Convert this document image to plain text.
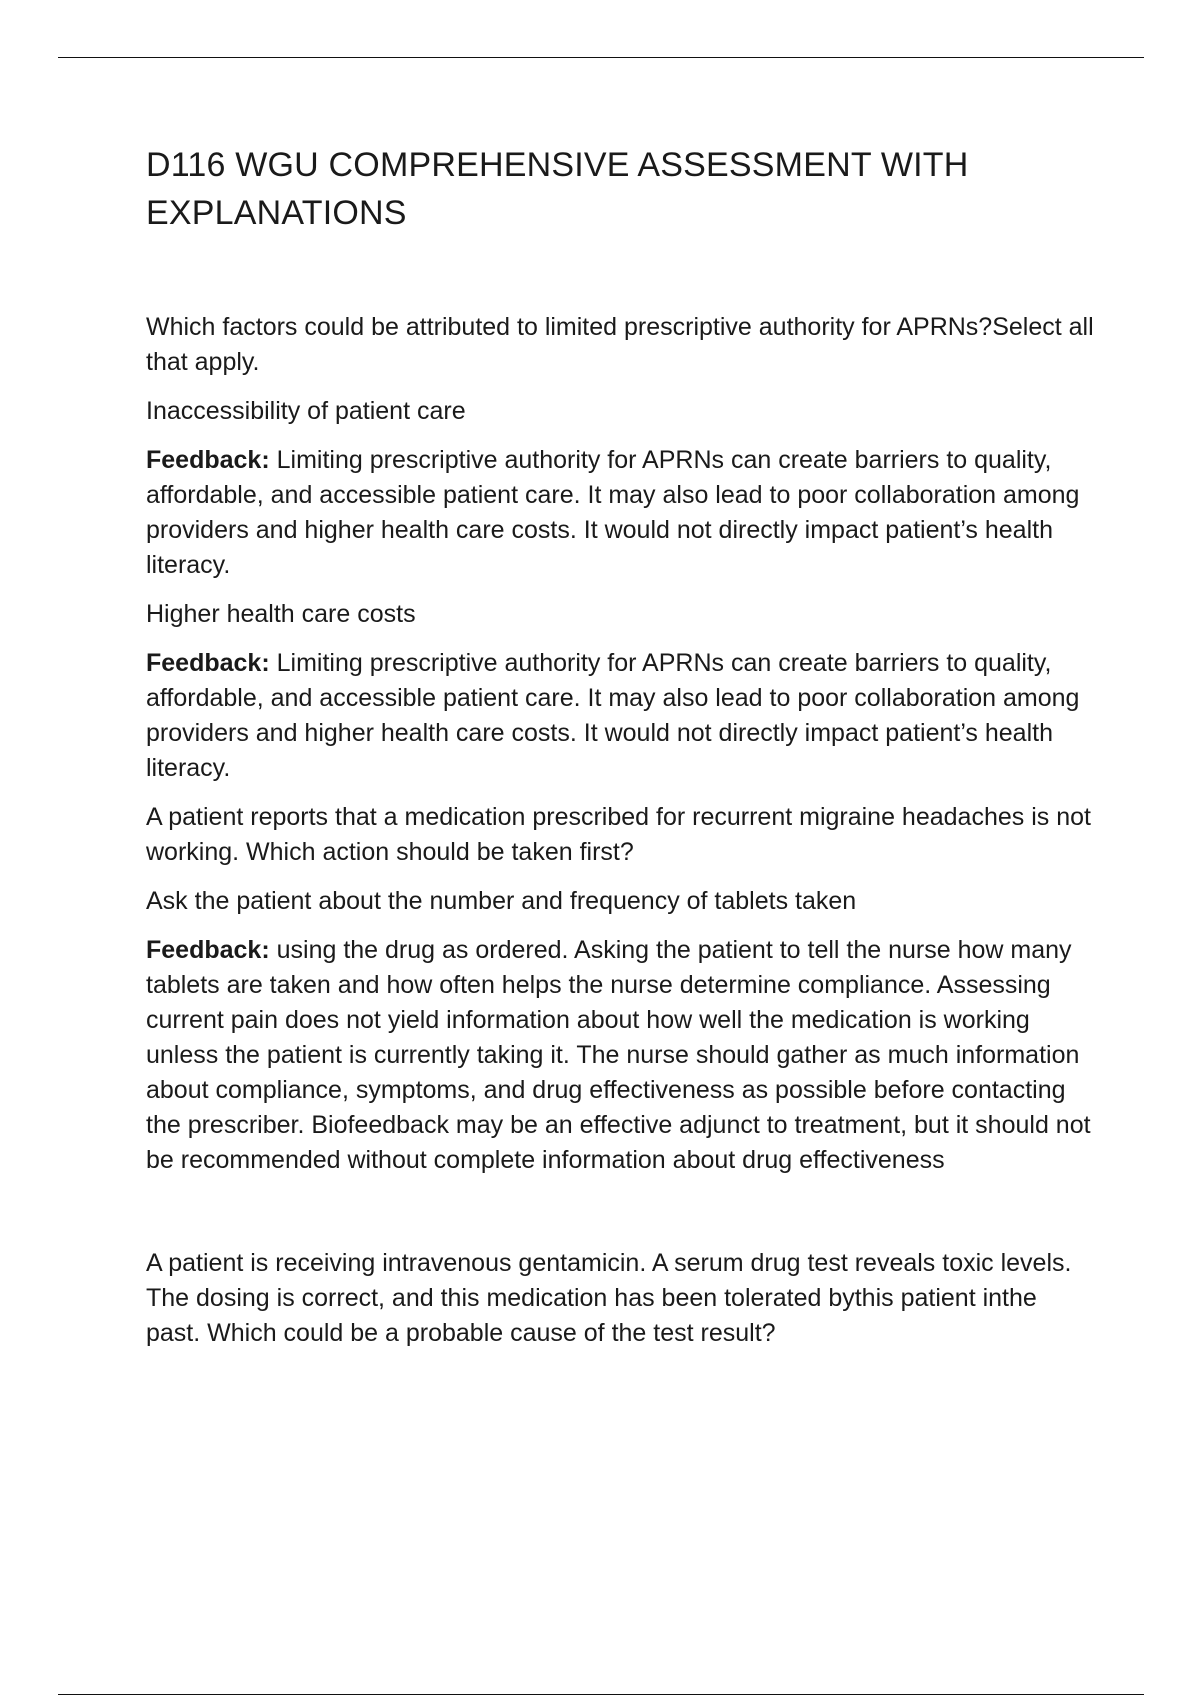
D116 WGU COMPREHENSIVE ASSESSMENT WITH EXPLANATIONS

Which factors could be attributed to limited prescriptive authority for APRNs?Select all that apply.

Inaccessibility of patient care

Feedback: Limiting prescriptive authority for APRNs can create barriers to quality, affordable, and accessible patient care. It may also lead to poor collaboration among providers and higher health care costs. It would not directly impact patient’s health literacy.

Higher health care costs

Feedback: Limiting prescriptive authority for APRNs can create barriers to quality, affordable, and accessible patient care. It may also lead to poor collaboration among providers and higher health care costs. It would not directly impact patient’s health literacy.

A patient reports that a medication prescribed for recurrent migraine headaches is not working. Which action should be taken first?

Ask the patient about the number and frequency of tablets taken

Feedback: using the drug as ordered. Asking the patient to tell the nurse how many tablets are taken and how often helps the nurse determine compliance. Assessing current pain does not yield information about how well the medication is working unless the patient is currently taking it. The nurse should gather as much information about compliance, symptoms, and drug effectiveness as possible before contacting the prescriber. Biofeedback may be an effective adjunct to treatment, but it should not be recommended without complete information about drug effectiveness

A patient is receiving intravenous gentamicin. A serum drug test reveals toxic levels. The dosing is correct, and this medication has been tolerated bythis patient inthe past. Which could be a probable cause of the test result?
